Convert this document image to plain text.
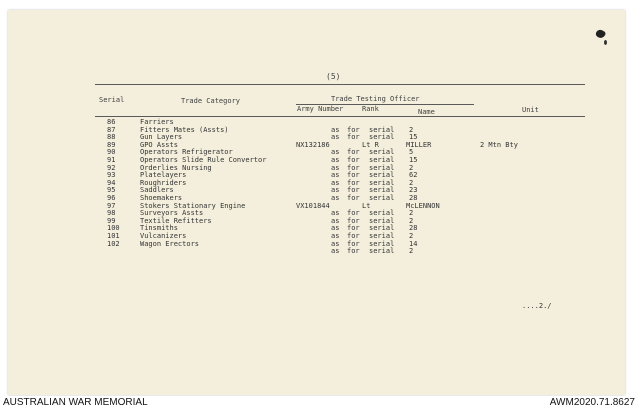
(5)
Serial	Trade Category	Trade Testing Officer
Army Number	Rank	Name	Unit
86	Farriers
87	Fitters Mates (Assts)	as for serial 2
88	Gun Layers	as for serial 15
89	GPO Assts	NX132186	Lt R	MILLER	2 Mtn Bty
90	Operators Refrigerator	as for serial 5
91	Operators Slide Rule Convertor	as for serial 15
92	Orderlies Nursing	as for serial 2
93	Platelayers	as for serial 62
94	Roughriders	as for serial 2
95	Saddlers	as for serial 23
96	Shoemakers	as for serial 28
97	Stokers Stationary Engine	VX101844	Lt	McLENNON
98	Surveyors Assts	as for serial 2
99	Textile Refitters	as for serial 2
100	Tinsmiths	as for serial 28
101	Vulcanizers	as for serial 2
102	Wagon Erectors	as for serial 14
as for serial 2
....2./
AUSTRALIAN WAR MEMORIAL	AWM2020.71.8627
